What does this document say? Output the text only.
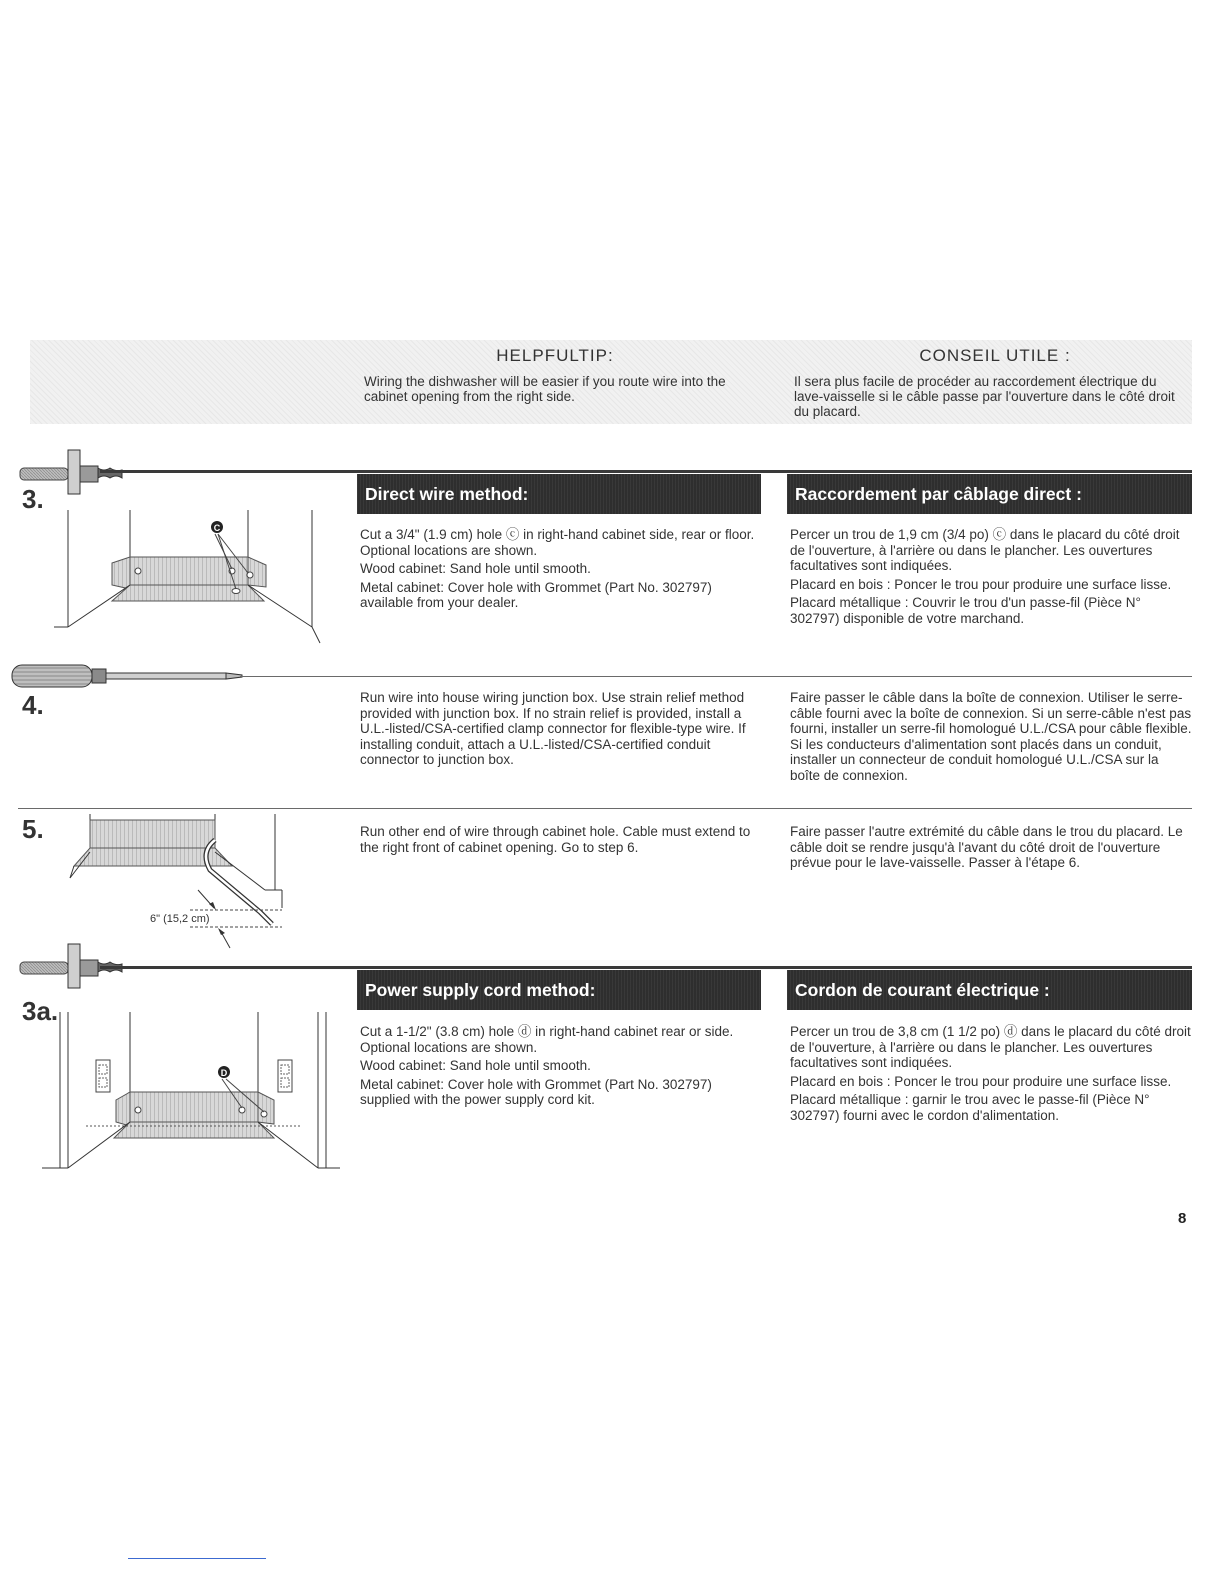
HELPFULTIP:
Wiring the dishwasher will be easier if you route wire into the cabinet opening from the right side.
CONSEIL UTILE :
Il sera plus facile de procéder au raccordement électrique du lave-vaisselle si le câble passe par l'ouverture dans le côté droit du placard.
3.
C
Direct wire method:	Raccordement par câblage direct :

Cut a 3/4" (1.9 cm) hole ⓒ in right-hand cabinet side, rear or floor. Optional locations are shown.

Wood cabinet: Sand hole until smooth.

Metal cabinet: Cover hole with Grommet (Part No. 302797) available from your dealer.

Percer un trou de 1,9 cm (3/4 po) ⓒ dans le placard du côté droit de l'ouverture, à l'arrière ou dans le plancher. Les ouvertures facultatives sont indiquées.

Placard en bois : Poncer le trou pour produire une surface lisse.

Placard métallique : Couvrir le trou d'un passe-fil (Pièce N° 302797) disponible de votre marchand.

4.	Run wire into house wiring junction box. Use strain relief method provided with junction box. If no strain relief is provided, install a U.L.-listed/CSA-certified clamp connector for flexible-type wire. If installing conduit, attach a U.L.-listed/CSA-certified conduit connector to junction box.

Faire passer le câble dans la boîte de connexion. Utiliser le serre-câble fourni avec la boîte de connexion. Si un serre-câble n'est pas fourni, installer un serre-fil homologué U.L./CSA pour câble flexible. Si les conducteurs d'alimentation sont placés dans un conduit, installer un connecteur de conduit homologué U.L./CSA sur la boîte de connexion.

5.
6" (15,2 cm)

Run other end of wire through cabinet hole. Cable must extend to the right front of cabinet opening. Go to step 6.

Faire passer l'autre extrémité du câble dans le trou du placard. Le câble doit se rendre jusqu'à l'avant du côté droit de l'ouverture prévue pour le lave-vaisselle. Passer à l'étape 6.

3a.
D
Power supply cord method:	Cordon de courant électrique :

Cut a 1-1/2" (3.8 cm) hole ⓓ in right-hand cabinet rear or side. Optional locations are shown.

Wood cabinet: Sand hole until smooth.

Metal cabinet: Cover hole with Grommet (Part No. 302797) supplied with the power supply cord kit.

Percer un trou de 3,8 cm (1 1/2 po) ⓓ dans le placard du côté droit de l'ouverture, à l'arrière ou dans le plancher. Les ouvertures facultatives sont indiquées.

Placard en bois : Poncer le trou pour produire une surface lisse.

Placard métallique : garnir le trou avec le passe-fil (Pièce N° 302797) fourni avec le cordon d'alimentation.

8
